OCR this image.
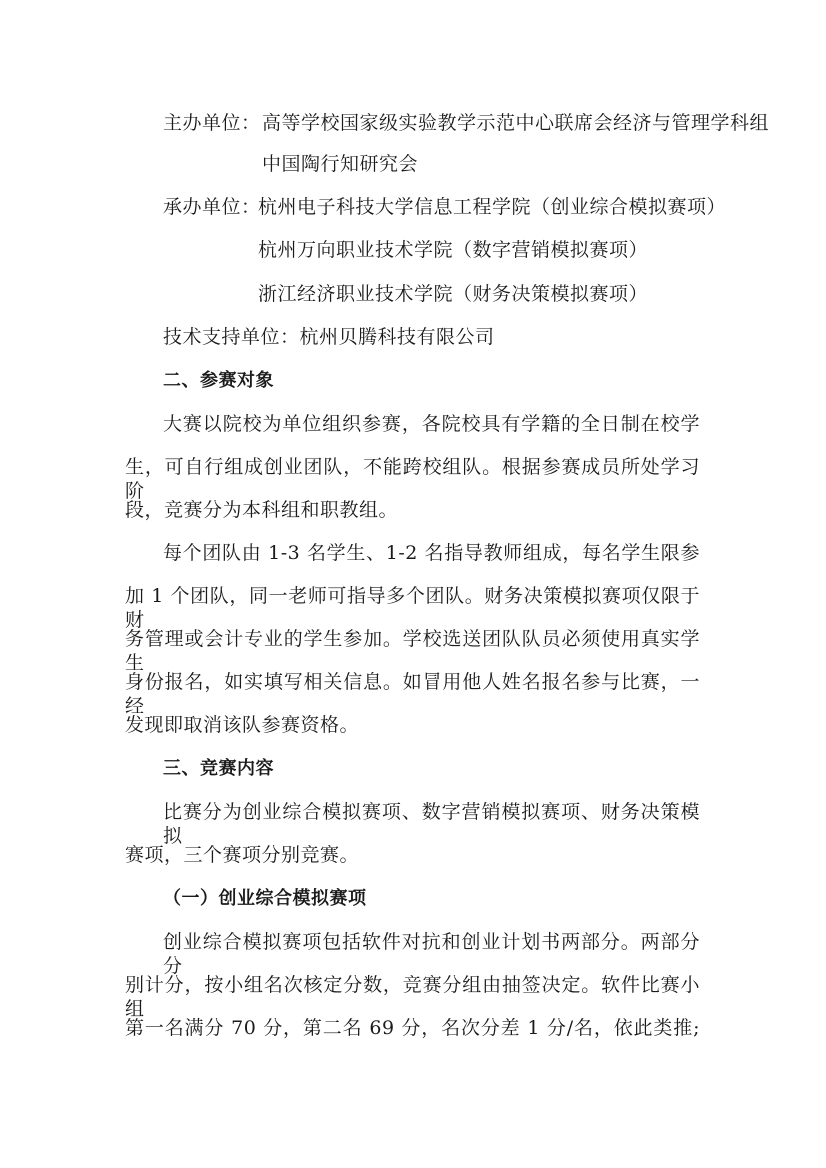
主办单位： 高等学校国家级实验教学示范中心联席会经济与管理学科组
中国陶行知研究会
承办单位：
杭州电子科技大学信息工程学院（创业综合模拟赛项）
杭州万向职业技术学院（数字营销模拟赛项）
浙江经济职业技术学院（财务决策模拟赛项）
技术支持单位：杭州贝腾科技有限公司
二、参赛对象
大赛以院校为单位组织参赛，各院校具有学籍的全日制在校学
生，可自行组成创业团队，不能跨校组队。根据参赛成员所处学习阶
段，竞赛分为本科组和职教组。
每个团队由 1-3 名学生、1-2 名指导教师组成，每名学生限参
加 1 个团队，同一老师可指导多个团队。财务决策模拟赛项仅限于财
务管理或会计专业的学生参加。学校选送团队队员必须使用真实学生
身份报名，如实填写相关信息。如冒用他人姓名报名参与比赛，一经
发现即取消该队参赛资格。
三、竞赛内容
比赛分为创业综合模拟赛项、数字营销模拟赛项、财务决策模拟
赛项，三个赛项分别竞赛。
（一）创业综合模拟赛项
创业综合模拟赛项包括软件对抗和创业计划书两部分。两部分分
别计分，按小组名次核定分数，竞赛分组由抽签决定。软件比赛小组
第一名满分 70 分，第二名 69 分，名次分差 1 分/名，依此类推;
